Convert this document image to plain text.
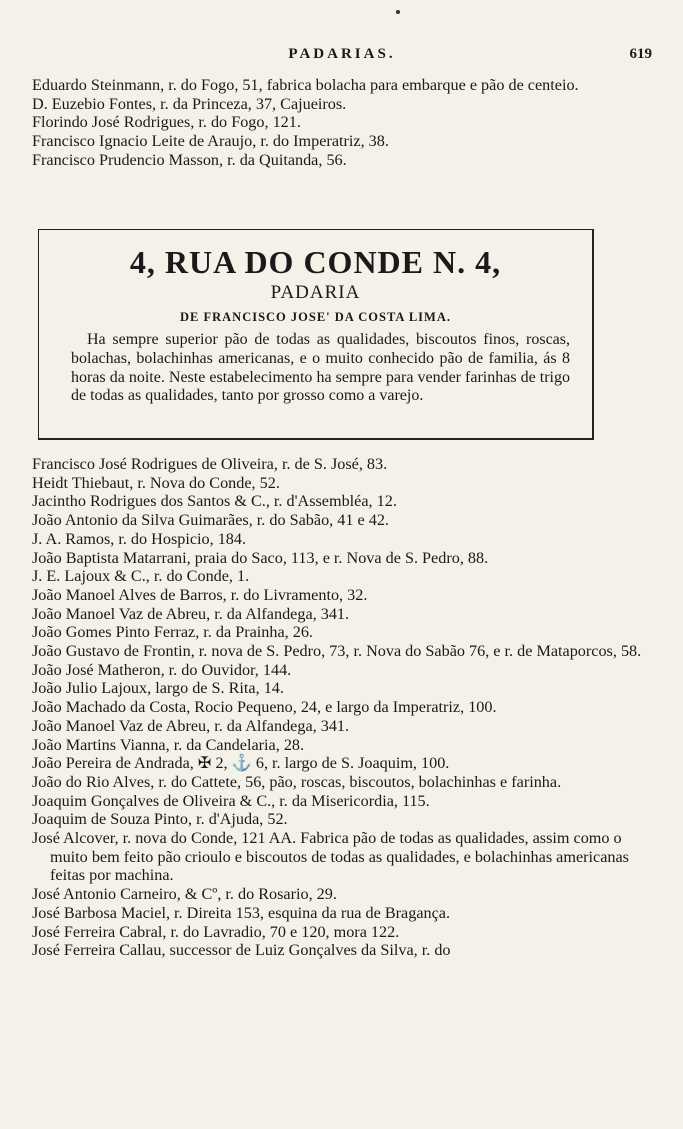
PADARIAS.	619

Eduardo Steinmann, r. do Fogo, 51, fabrica bolacha para embarque e pão de centeio.

D. Euzebio Fontes, r. da Princeza, 37, Cajueiros.

Florindo José Rodrigues, r. do Fogo, 121.

Francisco Ignacio Leite de Araujo, r. do Imperatriz, 38.

Francisco Prudencio Masson, r. da Quitanda, 56.

4, RUA DO CONDE N. 4,
PADARIA
DE FRANCISCO JOSE' DA COSTA LIMA.

Ha sempre superior pão de todas as qualidades, biscoutos finos, roscas, bolachas, bolachinhas americanas, e o muito conhecido pão de familia, ás 8 horas da noite. Neste estabelecimento ha sempre para vender farinhas de trigo de todas as qualidades, tanto por grosso como a varejo.

Francisco José Rodrigues de Oliveira, r. de S. José, 83.

Heidt Thiebaut, r. Nova do Conde, 52.

Jacintho Rodrigues dos Santos & C., r. d'Assembléa, 12.

João Antonio da Silva Guimarães, r. do Sabão, 41 e 42.

J. A. Ramos, r. do Hospicio, 184.

João Baptista Matarrani, praia do Saco, 113, e r. Nova de S. Pedro, 88.

J. E. Lajoux & C., r. do Conde, 1.

João Manoel Alves de Barros, r. do Livramento, 32.

João Manoel Vaz de Abreu, r. da Alfandega, 341.

João Gomes Pinto Ferraz, r. da Prainha, 26.

João Gustavo de Frontin, r. nova de S. Pedro, 73, r. Nova do Sabão 76, e r. de Mataporcos, 58.

João José Matheron, r. do Ouvidor, 144.

João Julio Lajoux, largo de S. Rita, 14.

João Machado da Costa, Rocio Pequeno, 24, e largo da Imperatriz, 100.

João Manoel Vaz de Abreu, r. da Alfandega, 341.

João Martins Vianna, r. da Candelaria, 28.

João Pereira de Andrada, ✠ 2, ⚓ 6, r. largo de S. Joaquim, 100.

João do Rio Alves, r. do Cattete, 56, pão, roscas, biscoutos, bolachinhas e farinha.

Joaquim Gonçalves de Oliveira & C., r. da Misericordia, 115.

Joaquim de Souza Pinto, r. d'Ajuda, 52.

José Alcover, r. nova do Conde, 121 AA. Fabrica pão de todas as qualidades, assim como o muito bem feito pão crioulo e biscoutos de todas as qualidades, e bolachinhas americanas feitas por machina.

José Antonio Carneiro, & Cº, r. do Rosario, 29.

José Barbosa Maciel, r. Direita 153, esquina da rua de Bragança.

José Ferreira Cabral, r. do Lavradio, 70 e 120, mora 122.

José Ferreira Callau, successor de Luiz Gonçalves da Silva, r. do
